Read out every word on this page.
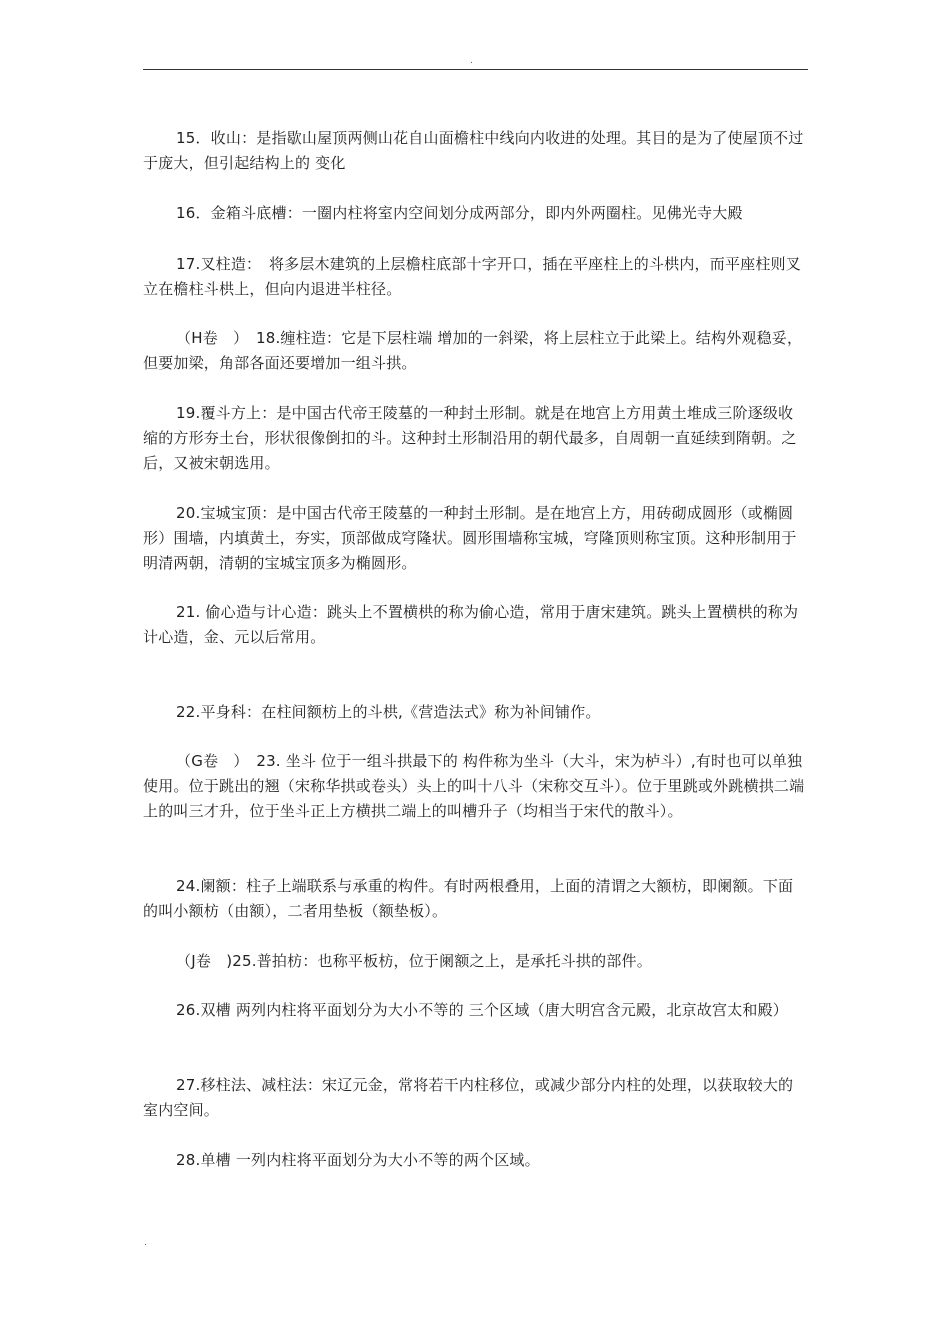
.

15．收山：是指歇山屋顶两侧山花自山面檐柱中线向内收进的处理。其目的是为了使屋顶不过于庞大，但引起结构上的 变化

16．金箱斗底槽：一圈内柱将室内空间划分成两部分，即内外两圈柱。见佛光寺大殿

17.叉柱造：　将多层木建筑的上层檐柱底部十字开口，插在平座柱上的斗栱内，而平座柱则叉立在檐柱斗栱上，但向内退进半柱径。

（H卷　）　18.缠柱造：它是下层柱端 增加的一斜梁，将上层柱立于此梁上。结构外观稳妥，但要加梁，角部各面还要增加一组斗拱。

19.覆斗方上：是中国古代帝王陵墓的一种封土形制。就是在地宫上方用黄土堆成三阶逐级收缩的方形夯土台，形状很像倒扣的斗。这种封土形制沿用的朝代最多，自周朝一直延续到隋朝。之后，又被宋朝选用。

20.宝城宝顶：是中国古代帝王陵墓的一种封土形制。是在地宫上方，用砖砌成圆形（或椭圆形）围墙，内填黄土，夯实，顶部做成穹隆状。圆形围墙称宝城，穹隆顶则称宝顶。这种形制用于明清两朝，清朝的宝城宝顶多为椭圆形。

21. 偷心造与计心造：跳头上不置横栱的称为偷心造，常用于唐宋建筑。跳头上置横栱的称为计心造，金、元以后常用。

22.平身科：在柱间额枋上的斗栱,《营造法式》称为补间铺作。

（G卷　）　23. 坐斗 位于一组斗拱最下的 构件称为坐斗（大斗，宋为栌斗）,有时也可以单独使用。位于跳出的翘（宋称华拱或卷头）头上的叫十八斗（宋称交互斗）。位于里跳或外跳横拱二端上的叫三才升，位于坐斗正上方横拱二端上的叫槽升子（均相当于宋代的散斗）。

24.阑额：柱子上端联系与承重的构件。有时两根叠用，上面的清谓之大额枋，即阑额。下面的叫小额枋（由额），二者用垫板（额垫板）。

（J卷　)25.普拍枋：也称平板枋，位于阑额之上，是承托斗拱的部件。

26.双槽 两列内柱将平面划分为大小不等的 三个区域（唐大明宫含元殿，北京故宫太和殿）

27.移柱法、减柱法：宋辽元金，常将若干内柱移位，或减少部分内柱的处理，以获取较大的室内空间。

28.单槽 一列内柱将平面划分为大小不等的两个区域。

.
